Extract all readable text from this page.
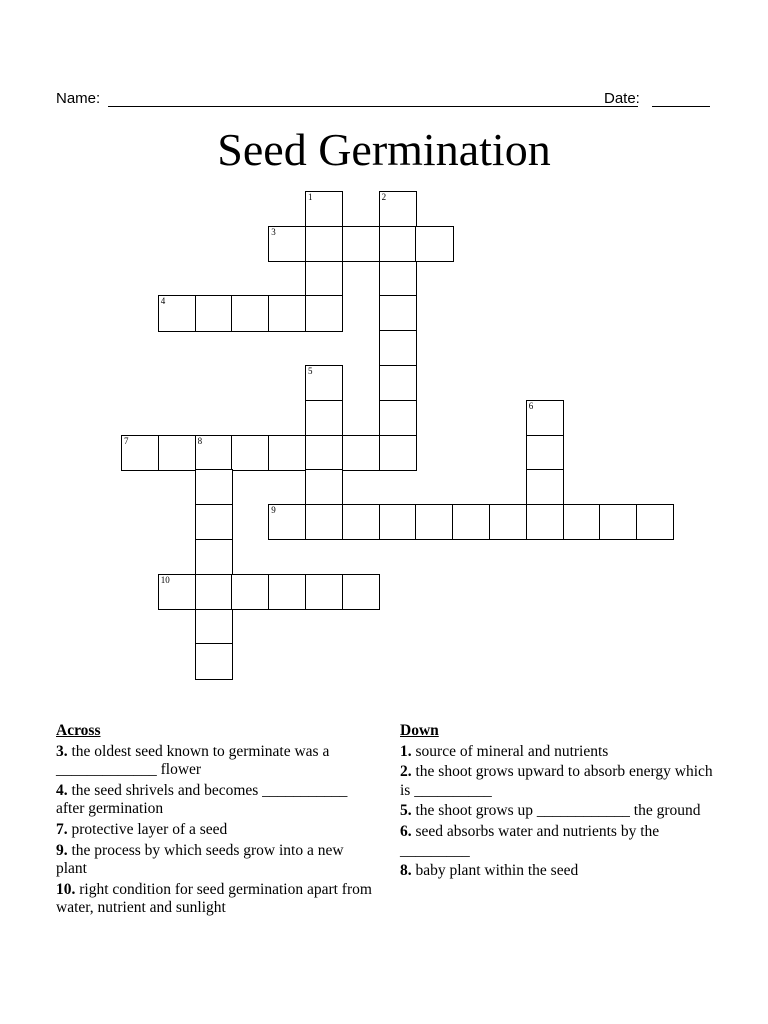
Name:	Date:
Seed Germination
1	2
3
4
5
6
7	8
9
10
Across
3. the oldest seed known to germinate was a _____________ flower
4. the seed shrivels and becomes ___________ after germination
7. protective layer of a seed
9. the process by which seeds grow into a new plant
10. right condition for seed germination apart from water, nutrient and sunlight
Down
1. source of mineral and nutrients
2. the shoot grows upward to absorb energy which is __________
5. the shoot grows up ____________ the ground
6. seed absorbs water and nutrients by the _________
8. baby plant within the seed
